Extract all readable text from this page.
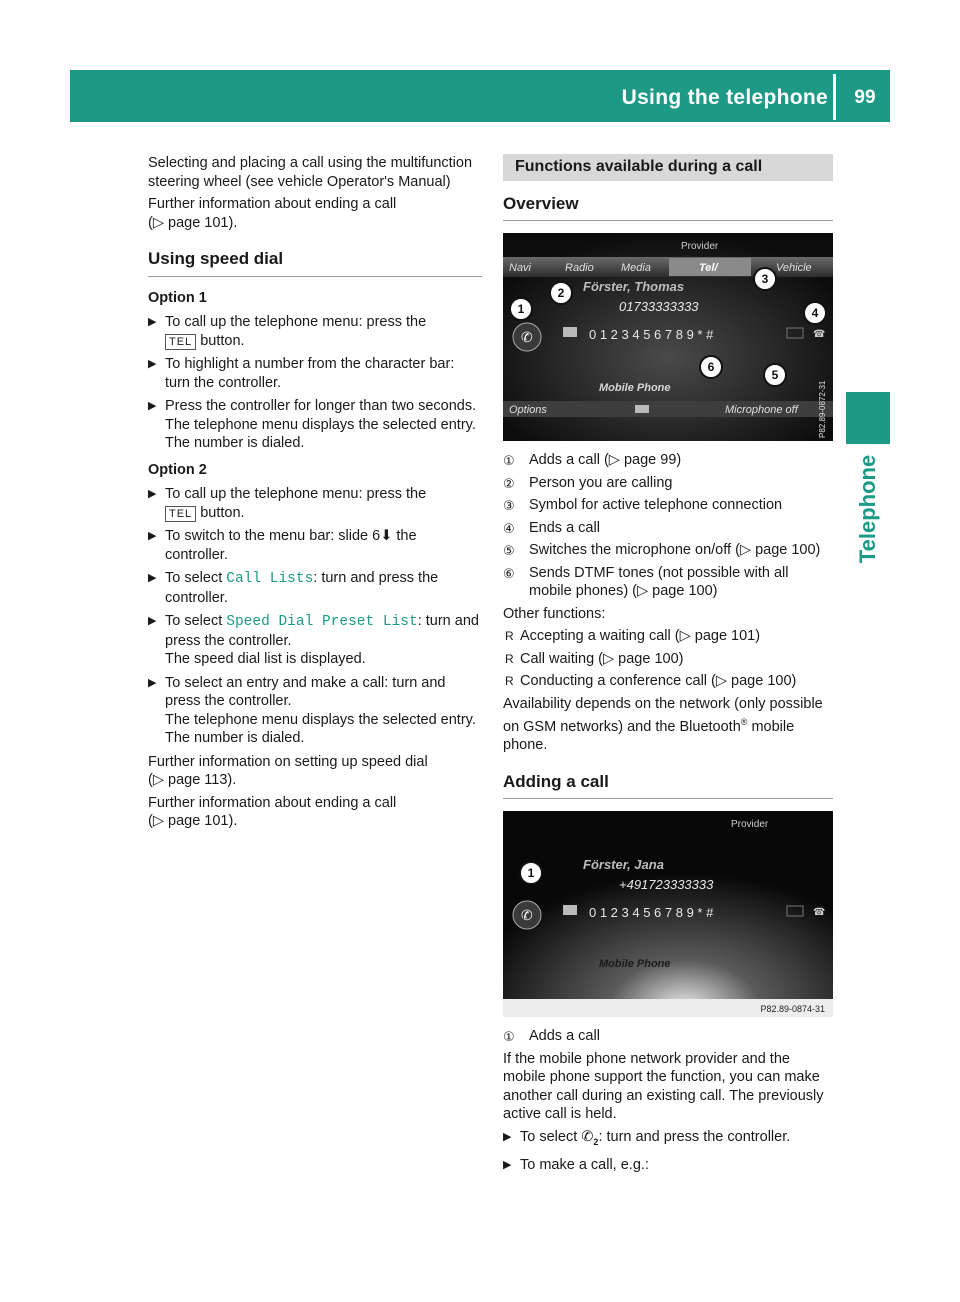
Using the telephone	99
Telephone

Selecting and placing a call using the multifunction steering wheel (see vehicle Operator's Manual)

Further information about ending a call

(▷ page 101).

Using speed dial
Option 1
▶ To call up the telephone menu: press the
TEL button.
▶ To highlight a number from the character bar: turn the controller.
▶ Press the controller for longer than two seconds.
The telephone menu displays the selected entry. The number is dialed.
Option 2
▶ To call up the telephone menu: press the
TEL button.
▶ To switch to the menu bar: slide 6⬇ the controller.
▶ To select Call Lists: turn and press the controller.
▶ To select Speed Dial Preset List: turn and press the controller.
The speed dial list is displayed.
▶ To select an entry and make a call: turn and press the controller.
The telephone menu displays the selected entry. The number is dialed.

Further information on setting up speed dial

(▷ page 113).

Further information about ending a call

(▷ page 101).

Functions available during a call
Overview
Provider
Navi	Radio Media	Tel/	Vehicle
Förster, Thomas
01733333333
✆	0 1 2 3 4 5 6 7 8 9 * #	☎
Mobile Phone
Options	Microphone off	P82.89-0872-31
1
2
3
4
5
6
① Adds a call (▷ page 99)
② Person you are calling
③ Symbol for active telephone connection
④ Ends a call
⑤ Switches the microphone on/off (▷ page 100)
⑥ Sends DTMF tones (not possible with all mobile phones) (▷ page 100)

Other functions:

R Accepting a waiting call (▷ page 101)
R Call waiting (▷ page 100)
R Conducting a conference call (▷ page 100)

Availability depends on the network (only possible on GSM networks) and the Bluetooth® mobile phone.

Adding a call
Provider
Förster, Jana
+491723333333
✆	0 1 2 3 4 5 6 7 8 9 * #	☎
Mobile Phone
P82.89-0874-31
1
① Adds a call

If the mobile phone network provider and the mobile phone support the function, you can make another call during an existing call. The previously active call is held.

▶ To select $✆_2$: turn and press the controller.
▶ To make a call, e.g.:
